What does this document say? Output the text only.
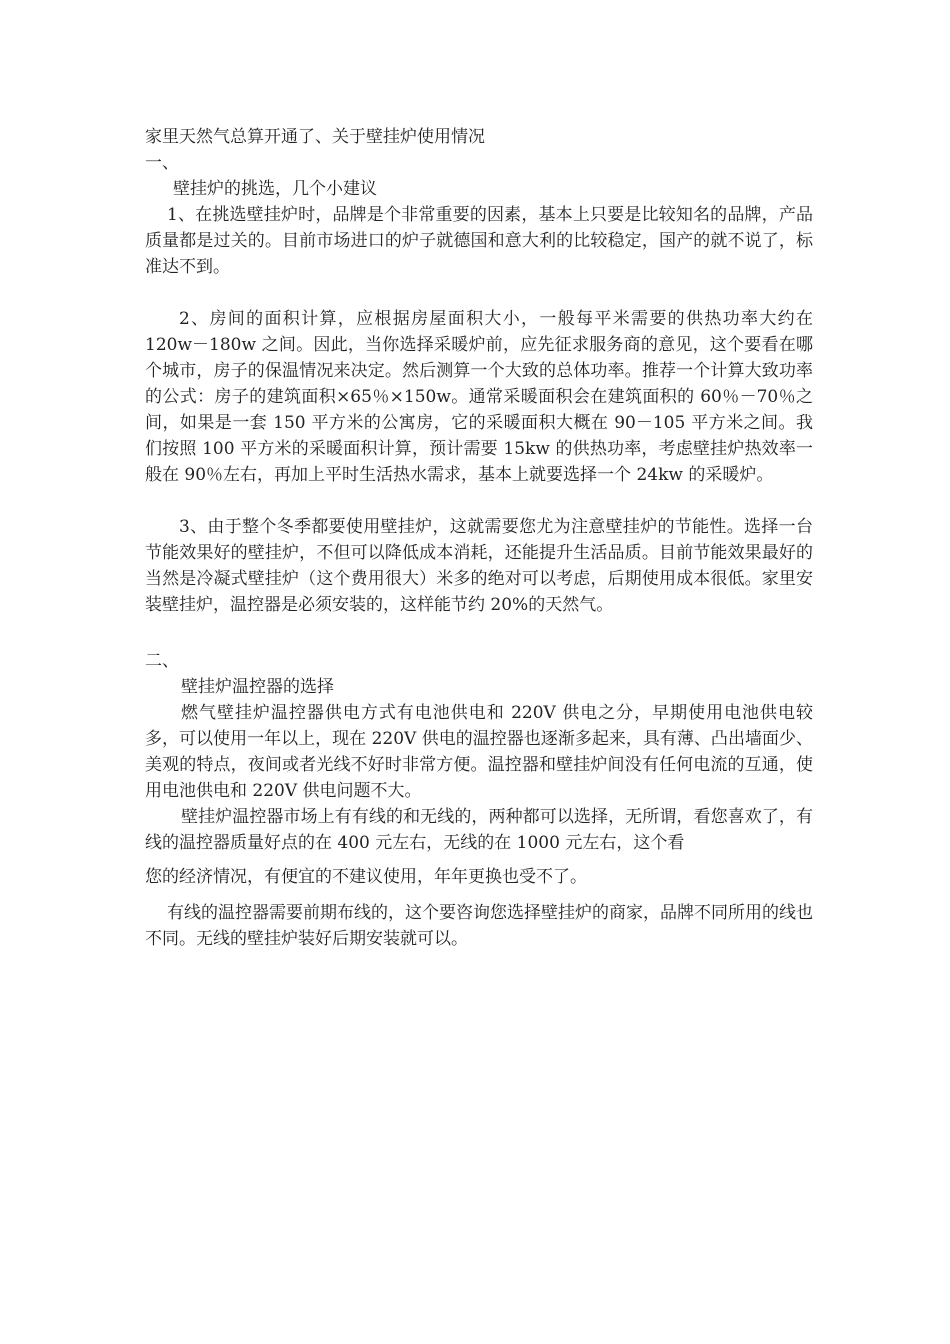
家里天然气总算开通了、关于壁挂炉使用情况
一、
壁挂炉的挑选，几个小建议
1、在挑选壁挂炉时，品牌是个非常重要的因素，基本上只要是比较知名的品牌，产品质量都是过关的。目前市场进口的炉子就德国和意大利的比较稳定，国产的就不说了，标准达不到。
2、房间的面积计算，应根据房屋面积大小，一般每平米需要的供热功率大约在 120w－180w 之间。因此，当你选择采暖炉前，应先征求服务商的意见，这个要看在哪个城市，房子的保温情况来决定。然后测算一个大致的总体功率。推荐一个计算大致功率的公式：房子的建筑面积×65％×150w。通常采暖面积会在建筑面积的 60％－70％之间，如果是一套 150 平方米的公寓房，它的采暖面积大概在 90－105 平方米之间。我们按照 100 平方米的采暖面积计算，预计需要 15kw 的供热功率，考虑壁挂炉热效率一般在 90％左右，再加上平时生活热水需求，基本上就要选择一个 24kw 的采暖炉。
3、由于整个冬季都要使用壁挂炉，这就需要您尤为注意壁挂炉的节能性。选择一台节能效果好的壁挂炉，不但可以降低成本消耗，还能提升生活品质。目前节能效果最好的当然是冷凝式壁挂炉（这个费用很大）米多的绝对可以考虑，后期使用成本很低。家里安装壁挂炉，温控器是必须安装的，这样能节约 20%的天然气。
二、
壁挂炉温控器的选择
燃气壁挂炉温控器供电方式有电池供电和 220V 供电之分，早期使用电池供电较多，可以使用一年以上，现在 220V 供电的温控器也逐渐多起来，具有薄、凸出墙面少、美观的特点，夜间或者光线不好时非常方便。温控器和壁挂炉间没有任何电流的互通，使用电池供电和 220V 供电问题不大。
壁挂炉温控器市场上有有线的和无线的，两种都可以选择，无所谓，看您喜欢了，有线的温控器质量好点的在 400 元左右，无线的在 1000 元左右，这个看
您的经济情况，有便宜的不建议使用，年年更换也受不了。
有线的温控器需要前期布线的，这个要咨询您选择壁挂炉的商家，品牌不同所用的线也不同。无线的壁挂炉装好后期安装就可以。
